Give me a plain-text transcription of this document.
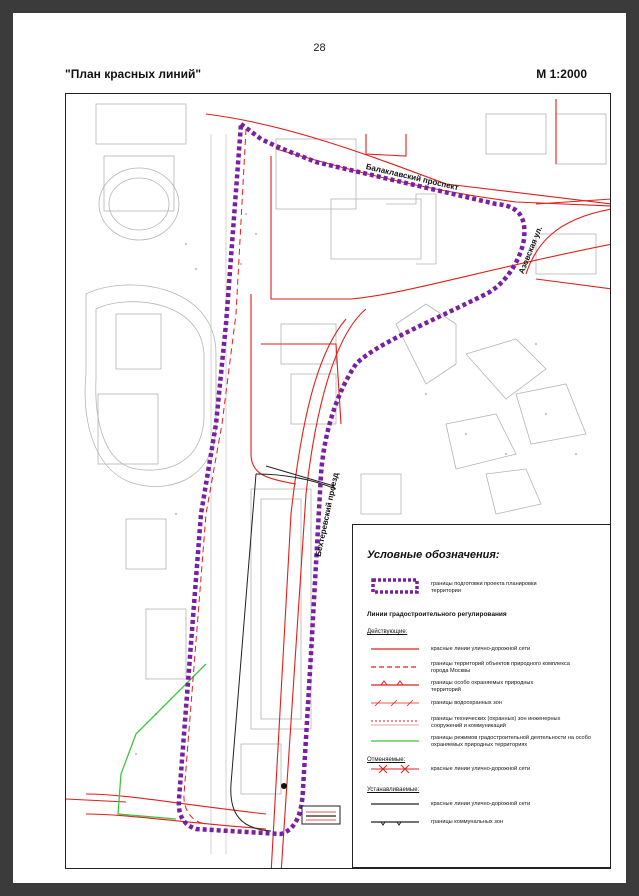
28
"План красных линий"	М 1:2000
Балаклавский проспект
Азовская ул.
Бехтеревский проезд Условные обозначения:
границы подготовки проекта планировки территории
Линии градостроительного регулирования
Действующие:
красные линии улично-дорожной сети
границы территорий объектов природного комплекса города Москвы
границы особо охраняемых природных территорий
границы водоохранных зон
границы технических (охранных) зон инженерных сооружений и коммуникаций
границы режимов градостроительной деятельности на особо охраняемых природных территориях
Отменяемые:
красные линии улично-дорожной сети
Устанавливаемые:
красные линии улично-дорожной сети
границы коммунальных зон
